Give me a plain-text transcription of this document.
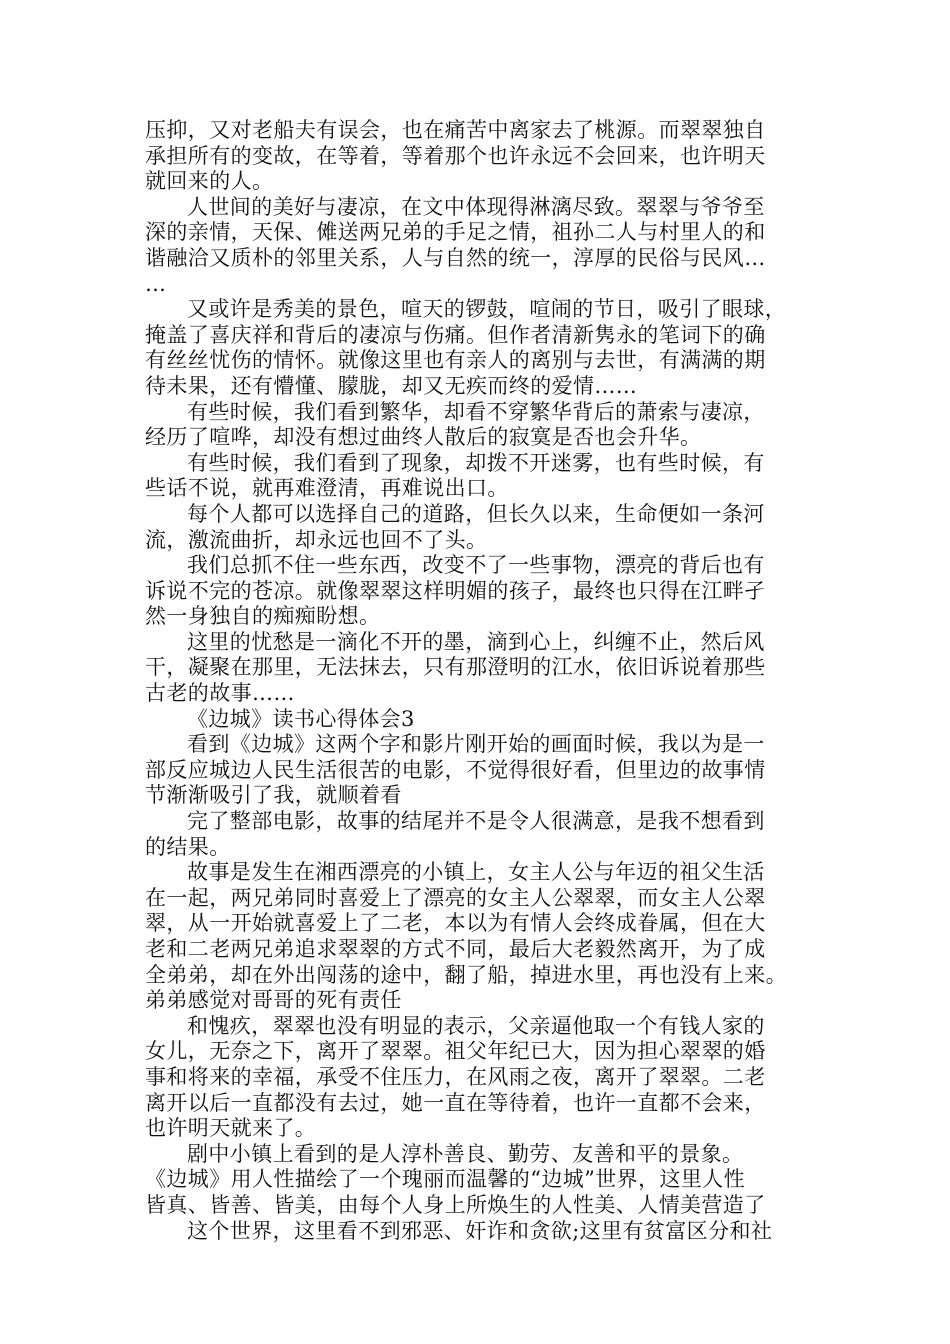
压抑，又对老船夫有误会，也在痛苦中离家去了桃源。而翠翠独自
承担所有的变故，在等着，等着那个也许永远不会回来，也许明天
就回来的人。
人世间的美好与凄凉，在文中体现得淋漓尽致。翠翠与爷爷至
深的亲情，天保、傩送两兄弟的手足之情，祖孙二人与村里人的和
谐融洽又质朴的邻里关系，人与自然的统一，淳厚的民俗与民风…
…
又或许是秀美的景色，喧天的锣鼓，喧闹的节日，吸引了眼球，
掩盖了喜庆祥和背后的凄凉与伤痛。但作者清新隽永的笔词下的确
有丝丝忧伤的情怀。就像这里也有亲人的离别与去世，有满满的期
待未果，还有懵懂、朦胧，却又无疾而终的爱情……
有些时候，我们看到繁华，却看不穿繁华背后的萧索与凄凉，
经历了喧哗，却没有想过曲终人散后的寂寞是否也会升华。
有些时候，我们看到了现象，却拨不开迷雾，也有些时候，有
些话不说，就再难澄清，再难说出口。
每个人都可以选择自己的道路，但长久以来，生命便如一条河
流，激流曲折，却永远也回不了头。
我们总抓不住一些东西，改变不了一些事物，漂亮的背后也有
诉说不完的苍凉。就像翠翠这样明媚的孩子，最终也只得在江畔孑
然一身独自的痴痴盼想。
这里的忧愁是一滴化不开的墨，滴到心上，纠缠不止，然后风
干，凝聚在那里，无法抹去，只有那澄明的江水，依旧诉说着那些
古老的故事……
《边城》读书心得体会3
看到《边城》这两个字和影片刚开始的画面时候，我以为是一
部反应城边人民生活很苦的电影，不觉得很好看，但里边的故事情
节渐渐吸引了我，就顺着看
完了整部电影，故事的结尾并不是令人很满意，是我不想看到
的结果。
故事是发生在湘西漂亮的小镇上，女主人公与年迈的祖父生活
在一起，两兄弟同时喜爱上了漂亮的女主人公翠翠，而女主人公翠
翠，从一开始就喜爱上了二老，本以为有情人会终成眷属，但在大
老和二老两兄弟追求翠翠的方式不同，最后大老毅然离开，为了成
全弟弟，却在外出闯荡的途中，翻了船，掉进水里，再也没有上来。
弟弟感觉对哥哥的死有责任
和愧疚，翠翠也没有明显的表示，父亲逼他取一个有钱人家的
女儿，无奈之下，离开了翠翠。祖父年纪已大，因为担心翠翠的婚
事和将来的幸福，承受不住压力，在风雨之夜，离开了翠翠。二老
离开以后一直都没有去过，她一直在等待着，也许一直都不会来，
也许明天就来了。
剧中小镇上看到的是人淳朴善良、勤劳、友善和平的景象。
《边城》用人性描绘了一个瑰丽而温馨的“边城”世界，这里人性
皆真、皆善、皆美，由每个人身上所焕生的人性美、人情美营造了
这个世界，这里看不到邪恶、奸诈和贪欲;这里有贫富区分和社
